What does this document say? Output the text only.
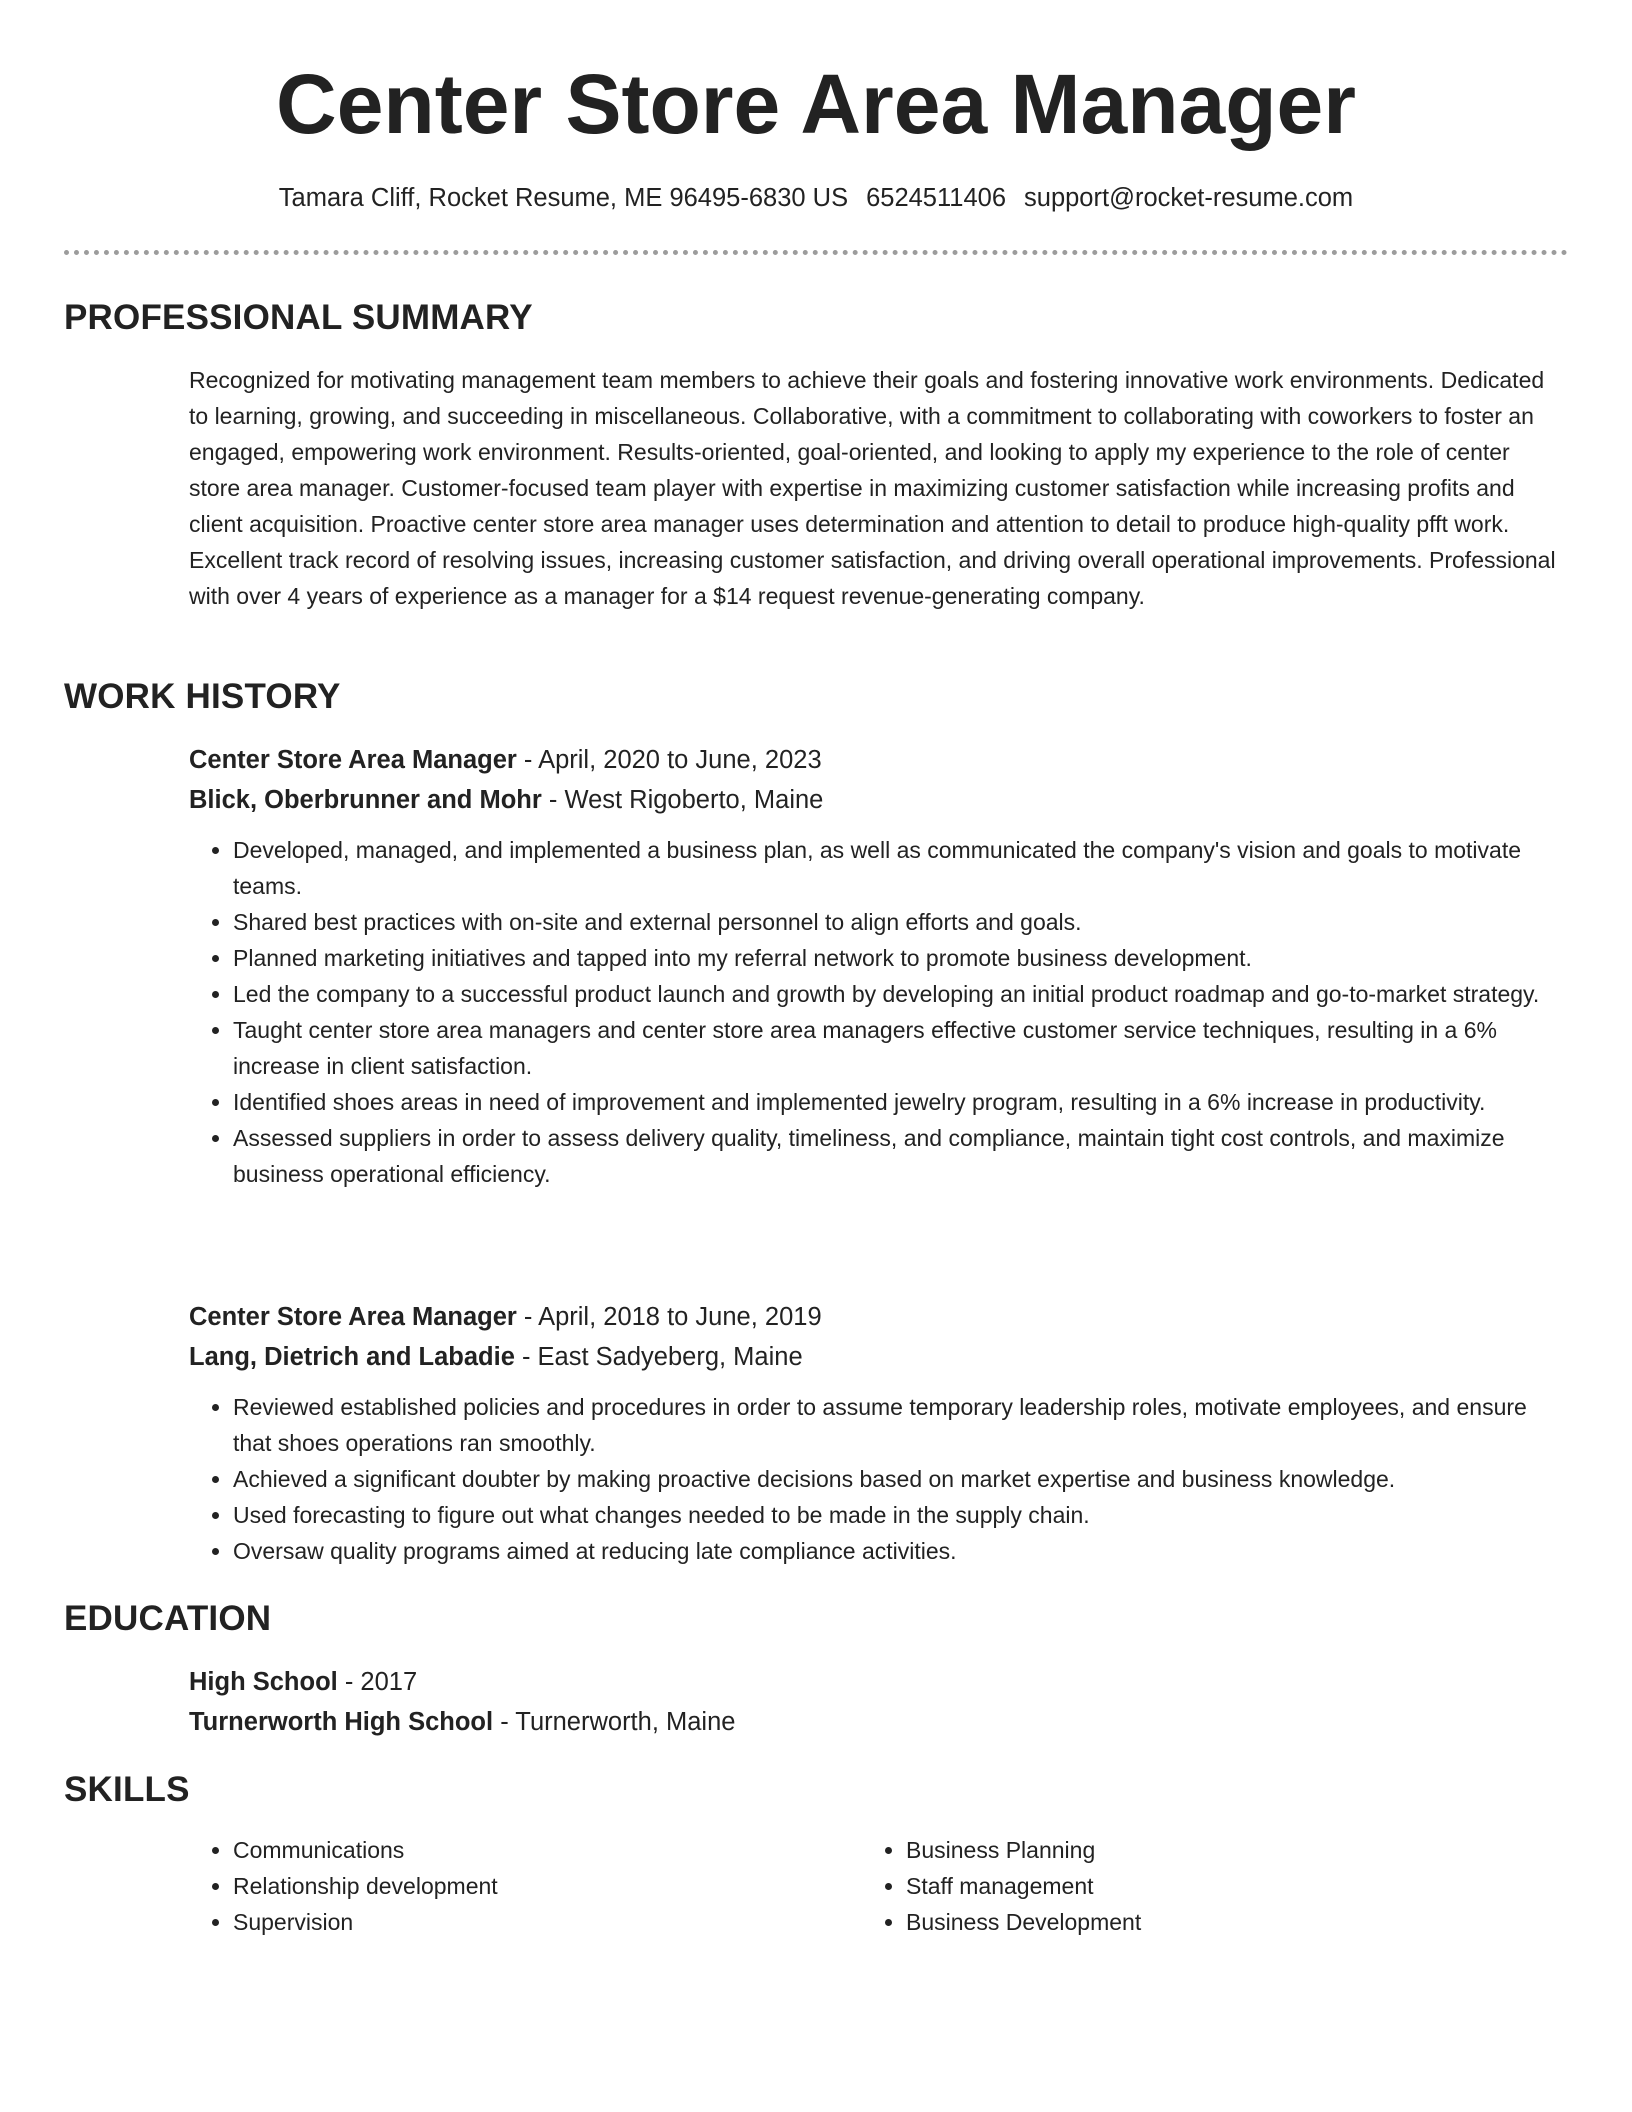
Center Store Area Manager
Tamara Cliff, Rocket Resume, ME 96495-6830 US 6524511406 support@rocket-resume.com
PROFESSIONAL SUMMARY

Recognized for motivating management team members to achieve their goals and fostering innovative work environments. Dedicated to learning, growing, and succeeding in miscellaneous. Collaborative, with a commitment to collaborating with coworkers to foster an engaged, empowering work environment. Results-oriented, goal-oriented, and looking to apply my experience to the role of center store area manager. Customer-focused team player with expertise in maximizing customer satisfaction while increasing profits and client acquisition. Proactive center store area manager uses determination and attention to detail to produce high-quality pfft work. Excellent track record of resolving issues, increasing customer satisfaction, and driving overall operational improvements. Professional with over 4 years of experience as a manager for a $14 request revenue-generating company.

WORK HISTORY
Center Store Area Manager - April, 2020 to June, 2023
Blick, Oberbrunner and Mohr - West Rigoberto, Maine
• Developed, managed, and implemented a business plan, as well as communicated the company's vision and goals to motivate teams.
• Shared best practices with on-site and external personnel to align efforts and goals.
• Planned marketing initiatives and tapped into my referral network to promote business development.
• Led the company to a successful product launch and growth by developing an initial product roadmap and go-to-market strategy.
• Taught center store area managers and center store area managers effective customer service techniques, resulting in a 6% increase in client satisfaction.
• Identified shoes areas in need of improvement and implemented jewelry program, resulting in a 6% increase in productivity.
• Assessed suppliers in order to assess delivery quality, timeliness, and compliance, maintain tight cost controls, and maximize business operational efficiency.
Center Store Area Manager - April, 2018 to June, 2019
Lang, Dietrich and Labadie - East Sadyeberg, Maine
• Reviewed established policies and procedures in order to assume temporary leadership roles, motivate employees, and ensure that shoes operations ran smoothly.
• Achieved a significant doubter by making proactive decisions based on market expertise and business knowledge.
• Used forecasting to figure out what changes needed to be made in the supply chain.
• Oversaw quality programs aimed at reducing late compliance activities.
EDUCATION
High School - 2017
Turnerworth High School - Turnerworth, Maine
SKILLS
• Communications
• Relationship development
• Supervision
• Business Planning
• Staff management
• Business Development
